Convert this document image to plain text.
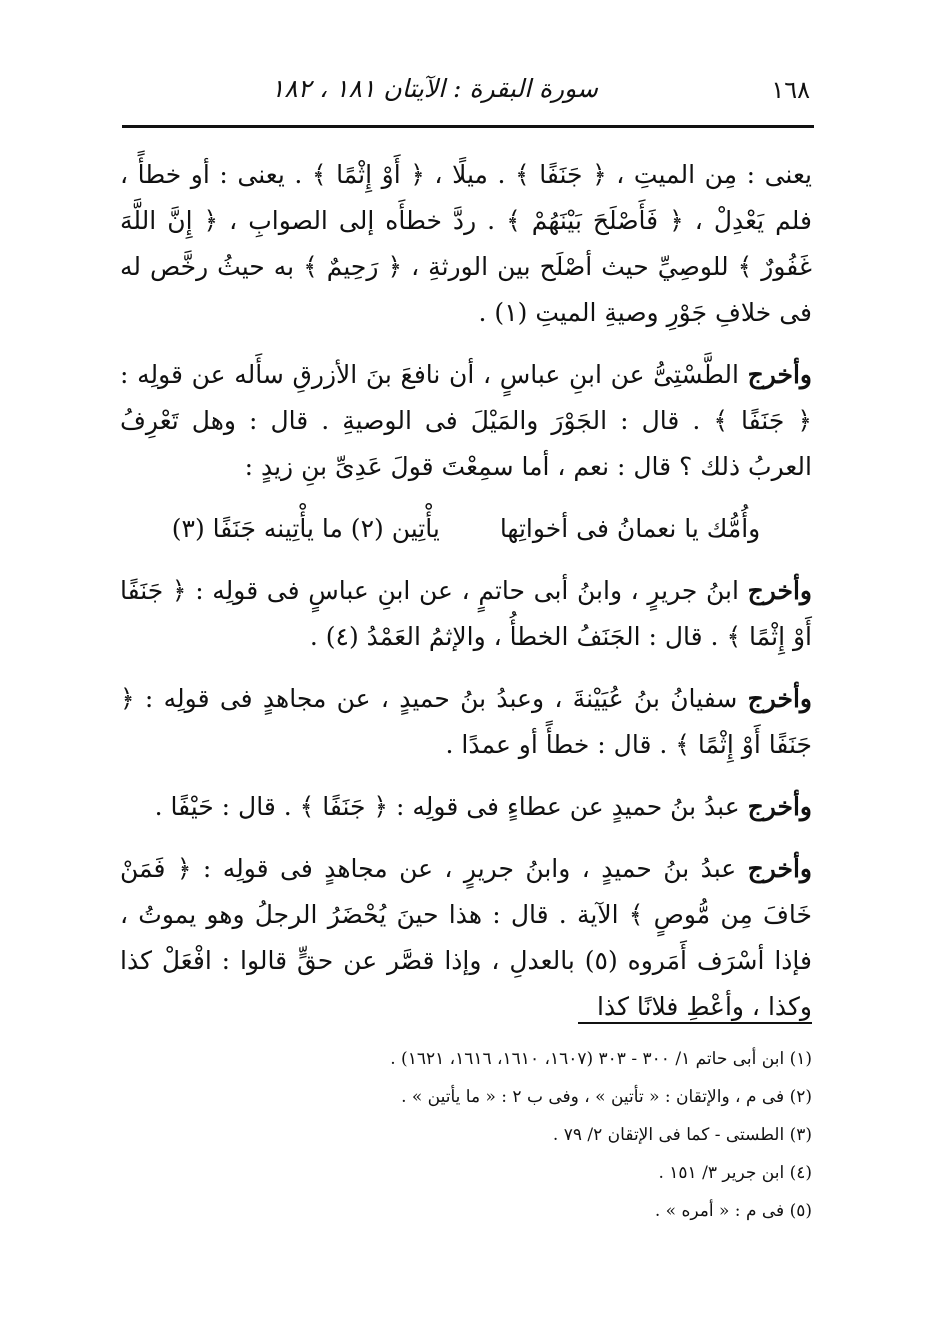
١٦٨
سورة البقرة : الآيتان ١٨١ ، ١٨٢

يعنى : مِن الميتِ ، ﴿ جَنَفًا ﴾ . ميلًا ، ﴿ أَوْ إِثْمًا ﴾ . يعنى : أو خطأً ، فلم يَعْدِلْ ، ﴿ فَأَصْلَحَ بَيْنَهُمْ ﴾ . ردَّ خطأَه إلى الصوابِ ، ﴿ إِنَّ اللَّهَ غَفُورٌ ﴾ للوصِيِّ حيث أصْلَح بين الورثةِ ، ﴿ رَحِيمٌ ﴾ به حيثُ رخَّص له فى خلافِ جَوْرِ وصيةِ الميتِ (١) .

وأخرج الطَّسْتِىُّ عن ابنِ عباسٍ ، أن نافعَ بنَ الأزرقِ سأَله عن قولِه : ﴿ جَنَفًا ﴾ . قال : الجَوْرَ والمَيْلَ فى الوصيةِ . قال : وهل تَعْرِفُ العربُ ذلك ؟ قال : نعم ، أما سمِعْتَ قولَ عَدِىِّ بنِ زيدٍ :

وأُمُّك يا نعمانُ فى أخواتِها
يأْتِين (٢) ما يأْتِينه جَنَفًا (٣)

وأخرج ابنُ جريرٍ ، وابنُ أبى حاتمٍ ، عن ابنِ عباسٍ فى قولِه : ﴿ جَنَفًا أَوْ إِثْمًا ﴾ . قال : الجَنَفُ الخطأُ ، والإثمُ العَمْدُ (٤) .

وأخرج سفيانُ بنُ عُيَيْنةَ ، وعبدُ بنُ حميدٍ ، عن مجاهدٍ فى قولِه : ﴿ جَنَفًا أَوْ إِثْمًا ﴾ . قال : خطأً أو عمدًا .

وأخرج عبدُ بنُ حميدٍ عن عطاءٍ فى قولِه : ﴿ جَنَفًا ﴾ . قال : حَيْفًا .

وأخرج عبدُ بنُ حميدٍ ، وابنُ جريرٍ ، عن مجاهدٍ فى قولِه : ﴿ فَمَنْ خَافَ مِن مُّوصٍ ﴾ الآية . قال : هذا حينَ يُحْضَرُ الرجلُ وهو يموتُ ، فإذا أسْرَف أَمَروه (٥) بالعدلِ ، وإذا قصَّر عن حقٍّ قالوا : افْعَلْ كذا وكذا ، وأعْطِ فلانًا كذا

(١) ابن أبى حاتم ١/ ٣٠٠ - ٣٠٣ (١٦٠٧، ١٦١٠، ١٦١٦، ١٦٢١) .
(٢) فى م ، والإتقان : « تأتين » ، وفى ب ٢ : « ما يأتين » .
(٣) الطستى - كما فى الإتقان ٢/ ٧٩ .
(٤) ابن جرير ٣/ ١٥١ .
(٥) فى م : « أمره » .
